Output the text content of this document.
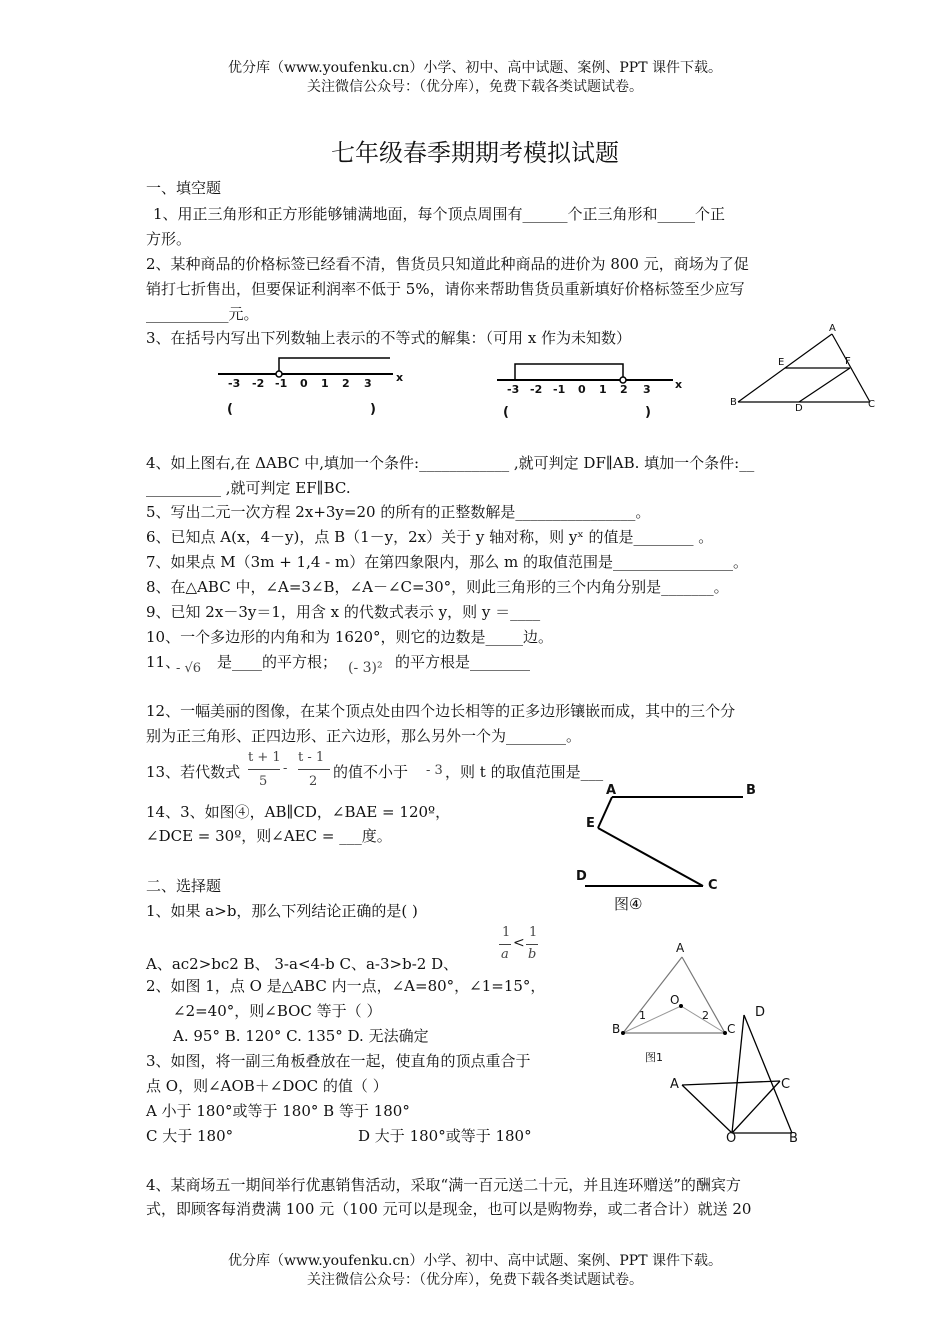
优分库（www.youfenku.cn）小学、初中、高中试题、案例、PPT 课件下载。
关注微信公众号：（优分库），免费下载各类试题试卷。
七年级春季期期考模拟试题
一、填空题
1、用正三角形和正方形能够铺满地面，每个顶点周围有______个正三角形和_____个正
方形。
2、某种商品的价格标签已经看不清，售货员只知道此种商品的进价为 800 元，商场为了促
销打七折售出，但要保证利润率不低于 5%，请你来帮助售货员重新填好价格标签至少应写
___________元。
3、在括号内写出下列数轴上表示的不等式的解集：（可用 x 作为未知数）
-3 -2 -1 0 1 2 3 x
(	)
-3 -2 -1 0 1 2 3 x
(	)
A
E	F
B
D	C
4、如上图右,在 ΔABC 中,填加一个条件:____________ ,就可判定 DF∥AB. 填加一个条件:__
__________ ,就可判定 EF∥BC.
5、写出二元一次方程 2x+3y=20 的所有的正整数解是________________。
6、已知点 A(x，4－y)，点 B（1－y，2x）关于 y 轴对称，则 yˣ 的值是________ 。
7、如果点 M（3m + 1,4 - m）在第四象限内，那么 m 的取值范围是________________。
8、在△ABC 中，∠A=3∠B，∠A－∠C=30°，则此三角形的三个内角分别是_______。
9、已知 2x－3y＝1，用含 x 的代数式表示 y，则 y ＝____
10、一个多边形的内角和为 1620°，则它的边数是_____边。
11、
- √6 是____的平方根； (- 3)² 的平方根是________
12、一幅美丽的图像，在某个顶点处由四个边长相等的正多边形镶嵌而成，其中的三个分
别为正三角形、正四边形、正六边形，那么另外一个为________。
13、若代数式
t + 1
5
-
t - 1
2
的值不小于 - 3 ，则 t 的取值范围是___
14、3、如图④，AB∥CD，∠BAE = 120º，
∠DCE = 30º，则∠AEC = ___度。
A	B
E
D
C
图④
二、选择题
1、如果 a>b，那么下列结论正确的是( )
A、ac2>bc2 B、 3-a<4-b C、a-3>b-2 D、
1
a
<
1
b
2、如图 1，点 O 是△ABC 内一点，∠A=80°，∠1=15°，
∠2=40°，则∠BOC 等于（ ）
A. 95° B. 120° C. 135° D. 无法确定
A
O
1	2
B	C
图1
3、如图，将一副三角板叠放在一起，使直角的顶点重合于
点 O，则∠AOB＋∠DOC 的值（ ）
A 小于 180°或等于 180° B 等于 180°
C 大于 180°	D 大于 180°或等于 180°
D
A	C
O	B
4、某商场五一期间举行优惠销售活动，采取“满一百元送二十元，并且连环赠送”的酬宾方
式，即顾客每消费满 100 元（100 元可以是现金，也可以是购物券，或二者合计）就送 20
优分库（www.youfenku.cn）小学、初中、高中试题、案例、PPT 课件下载。
关注微信公众号：（优分库），免费下载各类试题试卷。
